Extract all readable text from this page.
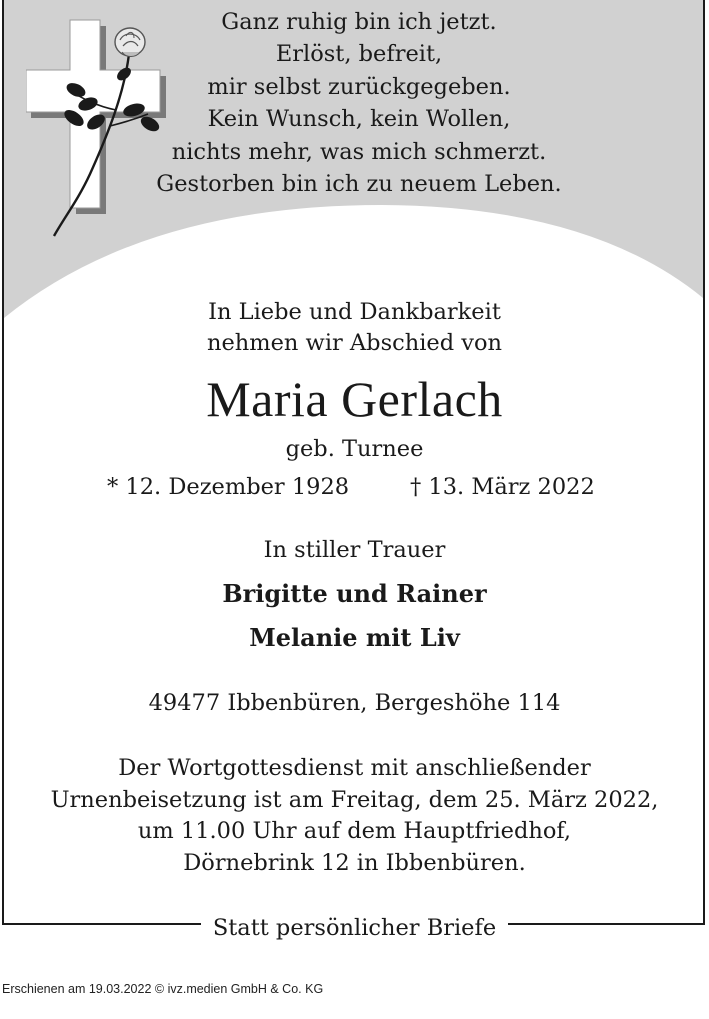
Ganz ruhig bin ich jetzt.
Erlöst, befreit,
mir selbst zurückgegeben.
Kein Wunsch, kein Wollen,
nichts mehr, was mich schmerzt.
Gestorben bin ich zu neuem Leben.
In Liebe und Dankbarkeit
nehmen wir Abschied von
Maria Gerlach
geb. Turnee
* 12. Dezember 1928	† 13. März 2022
In stiller Trauer
Brigitte und Rainer
Melanie mit Liv
49477 Ibbenbüren, Bergeshöhe 114
Der Wortgottesdienst mit anschließender
Urnenbeisetzung ist am Freitag, dem 25. März 2022,
um 11.00 Uhr auf dem Hauptfriedhof,
Dörnebrink 12 in Ibbenbüren.
Statt persönlicher Briefe
Erschienen am 19.03.2022 © ivz.medien GmbH & Co. KG
